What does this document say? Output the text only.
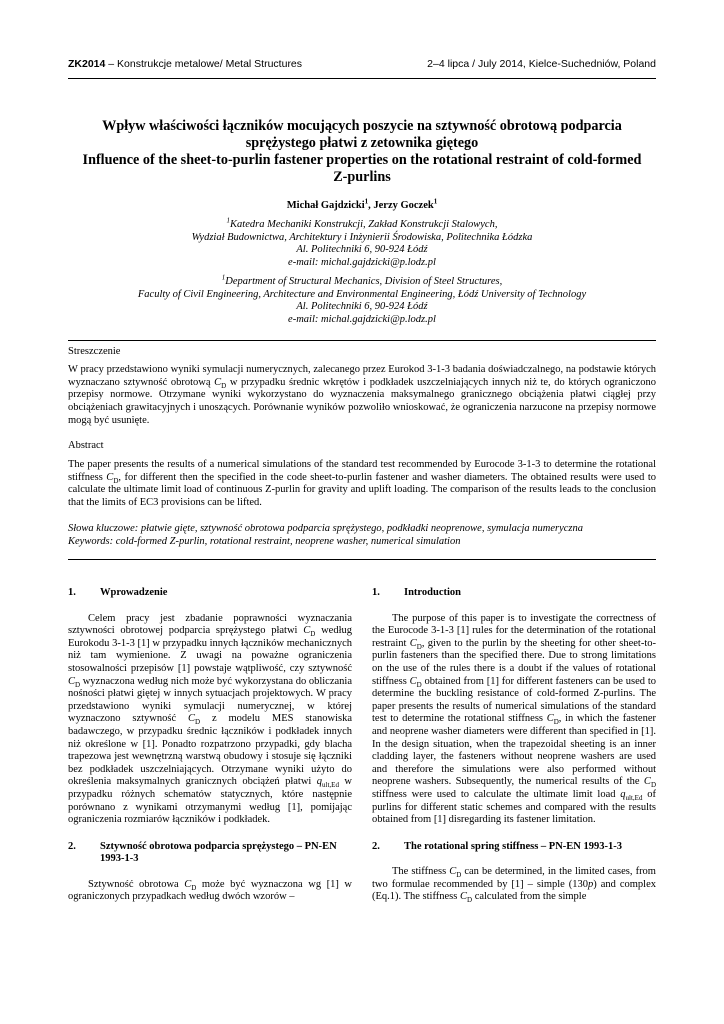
ZK2014 – Konstrukcje metalowe/ Metal Structures	2–4 lipca / July 2014, Kielce-Suchedniów, Poland
Wpływ właściwości łączników mocujących poszycie na sztywność obrotową podparcia
sprężystego płatwi z zetownika giętego
Influence of the sheet-to-purlin fastener properties on the rotational restraint of cold-formed
Z-purlins
Michał Gajdzicki$^1$, Jerzy Goczek$^1$
$^1$Katedra Mechaniki Konstrukcji, Zakład Konstrukcji Stalowych,
Wydział Budownictwa, Architektury i Inżynierii Środowiska, Politechnika Łódzka
Al. Politechniki 6, 90-924 Łódź
e-mail: michal.gajdzicki@p.lodz.pl
$^1$Department of Structural Mechanics, Division of Steel Structures,
Faculty of Civil Engineering, Architecture and Environmental Engineering, Łódź University of Technology
Al. Politechniki 6, 90-924 Łódź
e-mail: michal.gajdzicki@p.lodz.pl
Streszczenie
W pracy przedstawiono wyniki symulacji numerycznych, zalecanego przez Eurokod 3-1-3 badania doświadczalnego, na podstawie których wyznaczano sztywność obrotową $C_D$ w przypadku średnic wkrętów i podkładek uszczelniających innych niż te, do których ograniczono przepisy normowe. Otrzymane wyniki wykorzystano do wyznaczenia maksymalnego granicznego obciążenia płatwi ciągłej przy obciążeniach grawitacyjnych i unoszących. Porównanie wyników pozwoliło wnioskować, że ograniczenia narzucone na przepisy normowe mogą być usunięte.
Abstract
The paper presents the results of a numerical simulations of the standard test recommended by Eurocode 3-1-3 to determine the rotational stiffness $C_D$, for different then the specified in the code sheet-to-purlin fastener and washer diameters. The obtained results were used to calculate the ultimate limit load of continuous Z-purlin for gravity and uplift loading. The comparison of the results leads to the conclusion that the limits of EC3 provisions can be lifted.
Słowa kluczowe: płatwie gięte, sztywność obrotowa podparcia sprężystego, podkładki neoprenowe, symulacja numeryczna
Keywords: cold-formed Z-purlin, rotational restraint, neoprene washer, numerical simulation
1.	Wprowadzenie

Celem pracy jest zbadanie poprawności wyznaczania sztywności obrotowej podparcia sprężystego płatwi $C_D$ według Eurokodu 3-1-3 [1] w przypadku innych łączników mechanicznych niż tam wymienione. Z uwagi na poważne ograniczenia stosowalności przepisów [1] powstaje wątpliwość, czy sztywność $C_D$ wyznaczona według nich może być wykorzystana do obliczania nośności płatwi giętej w innych sytuacjach projektowych. W pracy przedstawiono wyniki symulacji numerycznej, w której wyznaczono sztywność $C_D$ z modelu MES stanowiska badawczego, w przypadku średnic łączników i podkładek innych niż określone w [1]. Ponadto rozpatrzono przypadki, gdy blacha trapezowa jest wewnętrzną warstwą obudowy i stosuje się łączniki bez podkładek uszczelniających. Otrzymane wyniki użyto do określenia maksymalnych granicznych obciążeń płatwi $q_{ult,Ed}$ w przypadku różnych schematów statycznych, które następnie porównano z wynikami otrzymanymi według [1], pomijając ograniczenia rozmiarów łączników i podkładek.

2.	Sztywność obrotowa podparcia sprężystego – PN-EN 1993-1-3

Sztywność obrotowa $C_D$ może być wyznaczona wg [1] w ograniczonych przypadkach według dwóch wzorów –

1.	Introduction

The purpose of this paper is to investigate the correctness of the Eurocode 3-1-3 [1] rules for the determination of the rotational restraint $C_D$, given to the purlin by the sheeting for other sheet-to-purlin fasteners than the specified there. Due to strong limitations on the use of the rules there is a doubt if the values of rotational stiffness $C_D$ obtained from [1] for different fasteners can be used to determine the buckling resistance of cold-formed Z-purlins. The paper presents the results of numerical simulations of the standard test to determine the rotational stiffness $C_D$, in which the fastener and neoprene washer diameters were different than specified in [1]. In the design situation, when the trapezoidal sheeting is an inner cladding layer, the fasteners without neoprene washers are used and therefore the simulations were also performed without neoprene washers. Subsequently, the numerical results of the $C_D$ stiffness were used to calculate the ultimate limit load $q_{ult,Ed}$ of purlins for different static schemes and compared with the results obtained from [1] disregarding its fastener limitation.

2.	The rotational spring stiffness – PN-EN 1993-1-3

The stiffness $C_D$ can be determined, in the limited cases, from two formulae recommended by [1] – simple (130p) and complex (Eq.1). The stiffness $C_D$ calculated from the simple
